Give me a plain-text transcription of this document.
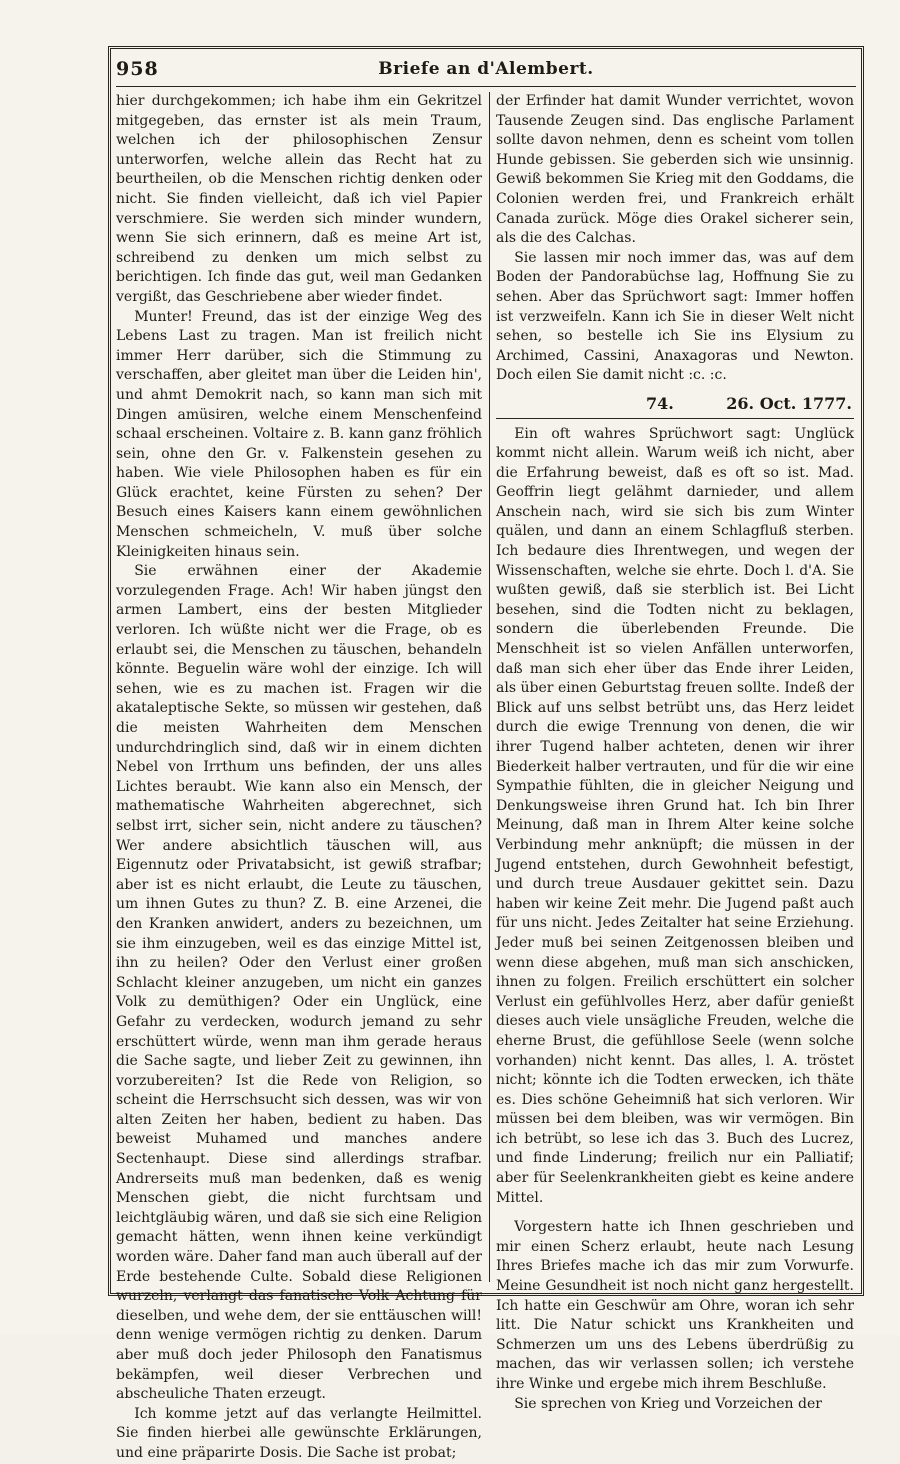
958	Briefe an d'Alembert.

hier durchgekommen; ich habe ihm ein Gekritzel mitgegeben, das ernster ist als mein Traum, welchen ich der philosophischen Zensur unterworfen, welche allein das Recht hat zu beurtheilen, ob die Menschen richtig denken oder nicht. Sie finden vielleicht, daß ich viel Papier verschmiere. Sie werden sich minder wundern, wenn Sie sich erinnern, daß es meine Art ist, schreibend zu denken um mich selbst zu berichtigen. Ich finde das gut, weil man Gedanken vergißt, das Geschriebene aber wieder findet.

Munter! Freund, das ist der einzige Weg des Lebens Last zu tragen. Man ist freilich nicht immer Herr darüber, sich die Stimmung zu verschaffen, aber gleitet man über die Leiden hin', und ahmt Demokrit nach, so kann man sich mit Dingen amüsiren, welche einem Menschenfeind schaal erscheinen. Voltaire z. B. kann ganz fröhlich sein, ohne den Gr. v. Falkenstein gesehen zu haben. Wie viele Philosophen haben es für ein Glück erachtet, keine Fürsten zu sehen? Der Besuch eines Kaisers kann einem gewöhnlichen Menschen schmeicheln, V. muß über solche Kleinigkeiten hinaus sein.

Sie erwähnen einer der Akademie vorzulegenden Frage. Ach! Wir haben jüngst den armen Lambert, eins der besten Mitglieder verloren. Ich wüßte nicht wer die Frage, ob es erlaubt sei, die Menschen zu täuschen, behandeln könnte. Beguelin wäre wohl der einzige. Ich will sehen, wie es zu machen ist. Fragen wir die akataleptische Sekte, so müssen wir gestehen, daß die meisten Wahrheiten dem Menschen undurchdringlich sind, daß wir in einem dichten Nebel von Irrthum uns befinden, der uns alles Lichtes beraubt. Wie kann also ein Mensch, der mathematische Wahrheiten abgerechnet, sich selbst irrt, sicher sein, nicht andere zu täuschen? Wer andere absichtlich täuschen will, aus Eigennutz oder Privatabsicht, ist gewiß strafbar; aber ist es nicht erlaubt, die Leute zu täuschen, um ihnen Gutes zu thun? Z. B. eine Arzenei, die den Kranken anwidert, anders zu bezeichnen, um sie ihm einzugeben, weil es das einzige Mittel ist, ihn zu heilen? Oder den Verlust einer großen Schlacht kleiner anzugeben, um nicht ein ganzes Volk zu demüthigen? Oder ein Unglück, eine Gefahr zu verdecken, wodurch jemand zu sehr erschüttert würde, wenn man ihm gerade heraus die Sache sagte, und lieber Zeit zu gewinnen, ihn vorzubereiten? Ist die Rede von Religion, so scheint die Herrschsucht sich dessen, was wir von alten Zeiten her haben, bedient zu haben. Das beweist Muhamed und manches andere Sectenhaupt. Diese sind allerdings strafbar. Andrerseits muß man bedenken, daß es wenig Menschen giebt, die nicht furchtsam und leichtgläubig wären, und daß sie sich eine Religion gemacht hätten, wenn ihnen keine verkündigt worden wäre. Daher fand man auch überall auf der Erde bestehende Culte. Sobald diese Religionen wurzeln, verlangt das fanatische Volk Achtung für dieselben, und wehe dem, der sie enttäuschen will! denn wenige vermögen richtig zu denken. Darum aber muß doch jeder Philosoph den Fanatismus bekämpfen, weil dieser Verbrechen und abscheuliche Thaten erzeugt.

Ich komme jetzt auf das verlangte Heilmittel. Sie finden hierbei alle gewünschte Erklärungen, und eine präparirte Dosis. Die Sache ist probat;

der Erfinder hat damit Wunder verrichtet, wovon Tausende Zeugen sind. Das englische Parlament sollte davon nehmen, denn es scheint vom tollen Hunde gebissen. Sie geberden sich wie unsinnig. Gewiß bekommen Sie Krieg mit den Goddams, die Colonien werden frei, und Frankreich erhält Canada zurück. Möge dies Orakel sicherer sein, als die des Calchas.

Sie lassen mir noch immer das, was auf dem Boden der Pandorabüchse lag, Hoffnung Sie zu sehen. Aber das Sprüchwort sagt: Immer hoffen ist verzweifeln. Kann ich Sie in dieser Welt nicht sehen, so bestelle ich Sie ins Elysium zu Archimed, Cassini, Anaxagoras und Newton. Doch eilen Sie damit nicht :c. :c.

74.	26. Oct. 1777.

Ein oft wahres Sprüchwort sagt: Unglück kommt nicht allein. Warum weiß ich nicht, aber die Erfahrung beweist, daß es oft so ist. Mad. Geoffrin liegt gelähmt darnieder, und allem Anschein nach, wird sie sich bis zum Winter quälen, und dann an einem Schlagfluß sterben. Ich bedaure dies Ihrentwegen, und wegen der Wissenschaften, welche sie ehrte. Doch l. d'A. Sie wußten gewiß, daß sie sterblich ist. Bei Licht besehen, sind die Todten nicht zu beklagen, sondern die überlebenden Freunde. Die Menschheit ist so vielen Anfällen unterworfen, daß man sich eher über das Ende ihrer Leiden, als über einen Geburtstag freuen sollte. Indeß der Blick auf uns selbst betrübt uns, das Herz leidet durch die ewige Trennung von denen, die wir ihrer Tugend halber achteten, denen wir ihrer Biederkeit halber vertrauten, und für die wir eine Sympathie fühlten, die in gleicher Neigung und Denkungsweise ihren Grund hat. Ich bin Ihrer Meinung, daß man in Ihrem Alter keine solche Verbindung mehr anknüpft; die müssen in der Jugend entstehen, durch Gewohnheit befestigt, und durch treue Ausdauer gekittet sein. Dazu haben wir keine Zeit mehr. Die Jugend paßt auch für uns nicht. Jedes Zeitalter hat seine Erziehung. Jeder muß bei seinen Zeitgenossen bleiben und wenn diese abgehen, muß man sich anschicken, ihnen zu folgen. Freilich erschüttert ein solcher Verlust ein gefühlvolles Herz, aber dafür genießt dieses auch viele unsägliche Freuden, welche die eherne Brust, die gefühllose Seele (wenn solche vorhanden) nicht kennt. Das alles, l. A. tröstet nicht; könnte ich die Todten erwecken, ich thäte es. Dies schöne Geheimniß hat sich verloren. Wir müssen bei dem bleiben, was wir vermögen. Bin ich betrübt, so lese ich das 3. Buch des Lucrez, und finde Linderung; freilich nur ein Palliatif; aber für Seelenkrankheiten giebt es keine andere Mittel.

Vorgestern hatte ich Ihnen geschrieben und mir einen Scherz erlaubt, heute nach Lesung Ihres Briefes mache ich das mir zum Vorwurfe. Meine Gesundheit ist noch nicht ganz hergestellt. Ich hatte ein Geschwür am Ohre, woran ich sehr litt. Die Natur schickt uns Krankheiten und Schmerzen um uns des Lebens überdrüßig zu machen, das wir verlassen sollen; ich verstehe ihre Winke und ergebe mich ihrem Beschluße.

Sie sprechen von Krieg und Vorzeichen der
